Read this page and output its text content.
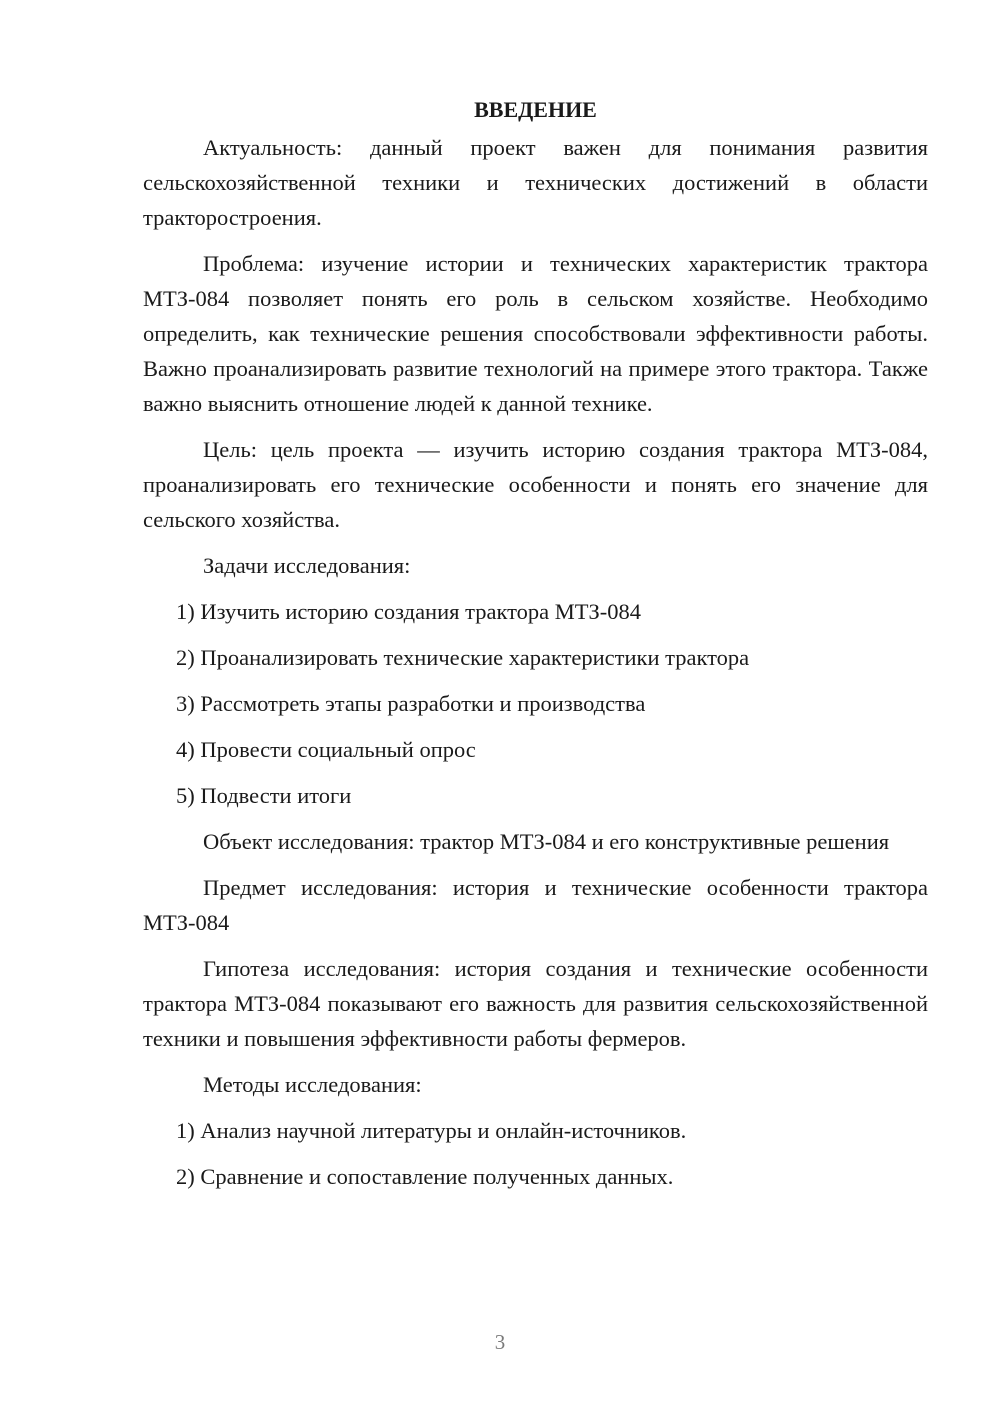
ВВЕДЕНИЕ

Актуальность: данный проект важен для понимания развития сельскохозяйственной техники и технических достижений в области тракторостроения.

Проблема: изучение истории и технических характеристик трактора МТЗ-084 позволяет понять его роль в сельском хозяйстве. Необходимо определить, как технические решения способствовали эффективности работы. Важно проанализировать развитие технологий на примере этого трактора. Также важно выяснить отношение людей к данной технике.

Цель: цель проекта — изучить историю создания трактора МТЗ-084, проанализировать его технические особенности и понять его значение для сельского хозяйства.

Задачи исследования:

1) Изучить историю создания трактора МТЗ-084

2) Проанализировать технические характеристики трактора

3) Рассмотреть этапы разработки и производства

4) Провести социальный опрос

5) Подвести итоги

Объект исследования: трактор МТЗ-084 и его конструктивные решения

Предмет исследования: история и технические особенности трактора МТЗ-084

Гипотеза исследования: история создания и технические особенности трактора МТЗ-084 показывают его важность для развития сельскохозяйственной техники и повышения эффективности работы фермеров.

Методы исследования:

1) Анализ научной литературы и онлайн-источников.

2) Сравнение и сопоставление полученных данных.

3
